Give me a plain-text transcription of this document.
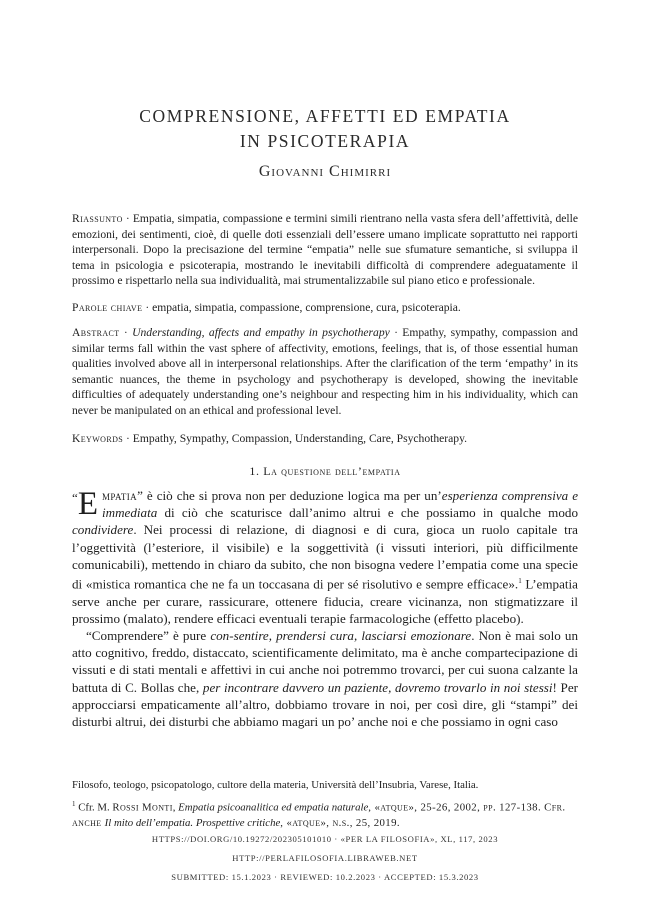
COMPRENSIONE, AFFETTI ED EMPATIA
IN PSICOTERAPIA
Giovanni Chimirri
Riassunto · Empatia, simpatia, compassione e termini simili rientrano nella vasta sfera dell’affettività, delle emozioni, dei sentimenti, cioè, di quelle doti essenziali dell’essere umano implicate soprattutto nei rapporti interpersonali. Dopo la precisazione del termine “empatia” nelle sue sfumature semantiche, si sviluppa il tema in psicologia e psicoterapia, mostrando le inevitabili difficoltà di comprendere adeguatamente il prossimo e rispettarlo nella sua individualità, mai strumentalizzabile sul piano etico e professionale.
Parole chiave · empatia, simpatia, compassione, comprensione, cura, psicoterapia.
Abstract · Understanding, affects and empathy in psychotherapy · Empathy, sympathy, compassion and similar terms fall within the vast sphere of affectivity, emotions, feelings, that is, of those essential human qualities involved above all in interpersonal relationships. After the clarification of the term ‘empathy’ in its semantic nuances, the theme in psychology and psychotherapy is developed, showing the inevitable difficulties of adequately understanding one’s neighbour and respecting him in his individuality, which can never be manipulated on an ethical and professional level.
Keywords · Empathy, Sympathy, Compassion, Understanding, Care, Psychotherapy.
1. La questione dell’empatia

“ E mpatia” è ciò che si prova non per deduzione logica ma per un’esperienza comprensiva e immediata di ciò che scaturisce dall’animo altrui e che possiamo in qualche modo condividere. Nei processi di relazione, di diagnosi e di cura, gioca un ruolo capitale tra l’oggettività (l’esteriore, il visibile) e la soggettività (i vissuti interiori, più difficilmente comunicabili), mettendo in chiaro da subito, che non bisogna vedere l’empatia come una specie di «mistica romantica che ne fa un toccasana di per sé risolutivo e sempre efficace».$^1$ L’empatia serve anche per curare, rassicurare, ottenere fiducia, creare vicinanza, non stigmatizzare il prossimo (malato), rendere efficaci eventuali terapie farmacologiche (effetto placebo).

“Comprendere” è pure con-sentire, prendersi cura, lasciarsi emozionare. Non è mai solo un atto cognitivo, freddo, distaccato, scientificamente delimitato, ma è anche compartecipazione di vissuti e di stati mentali e affettivi in cui anche noi potremmo trovarci, per cui suona calzante la battuta di C. Bollas che, per incontrare davvero un paziente, dovremo trovarlo in noi stessi! Per approcciarsi empaticamente all’altro, dobbiamo trovare in noi, per così dire, gli “stampi” dei disturbi altrui, dei disturbi che abbiamo magari un po’ anche noi e che possiamo in ogni caso

Filosofo, teologo, psicopatologo, cultore della materia, Università dell’Insubria, Varese, Italia.
$^1$ Cfr. M. Rossi Monti, Empatia psicoanalitica ed empatia naturale, «atque», 25-26, 2002, pp. 127-138. Cfr. anche Il mito dell’empatia. Prospettive critiche, «atque», n.s., 25, 2019.
HTTPS://DOI.ORG/10.19272/202305101010 · «PER LA FILOSOFIA», XL, 117, 2023
HTTP://PERLAFILOSOFIA.LIBRAWEB.NET
SUBMITTED: 15.1.2023 · REVIEWED: 10.2.2023 · ACCEPTED: 15.3.2023
